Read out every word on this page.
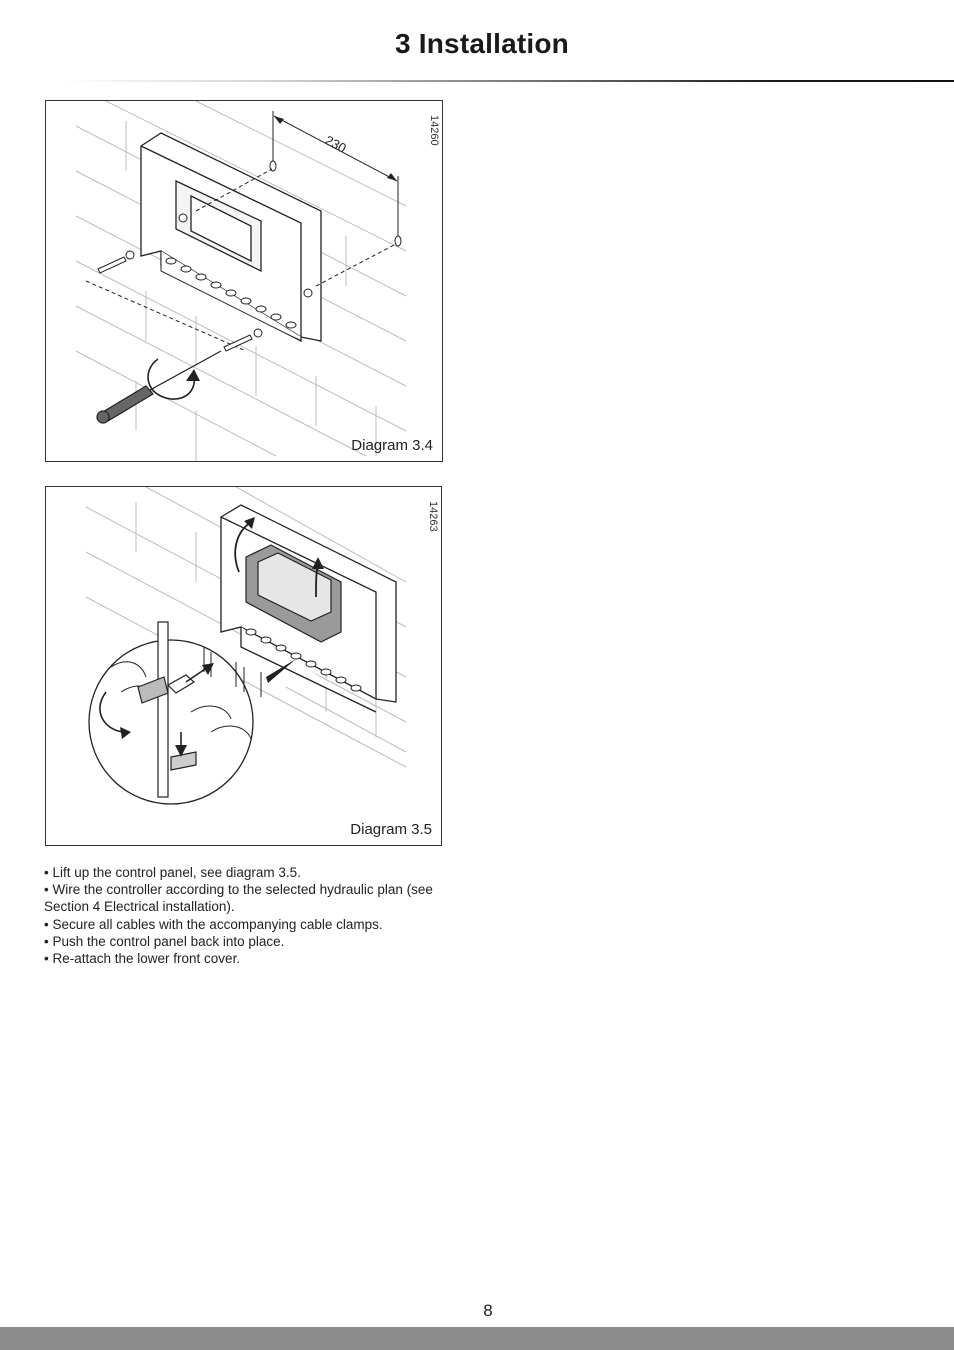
3 Installation
230	14260
Diagram 3.4
14263
Diagram 3.5

• Lift up the control panel, see diagram 3.5.

• Wire the controller according to the selected hydraulic plan (see Section 4 Electrical installation).

• Secure all cables with the accompanying cable clamps.

• Push the control panel back into place.

• Re-attach the lower front cover.

8
